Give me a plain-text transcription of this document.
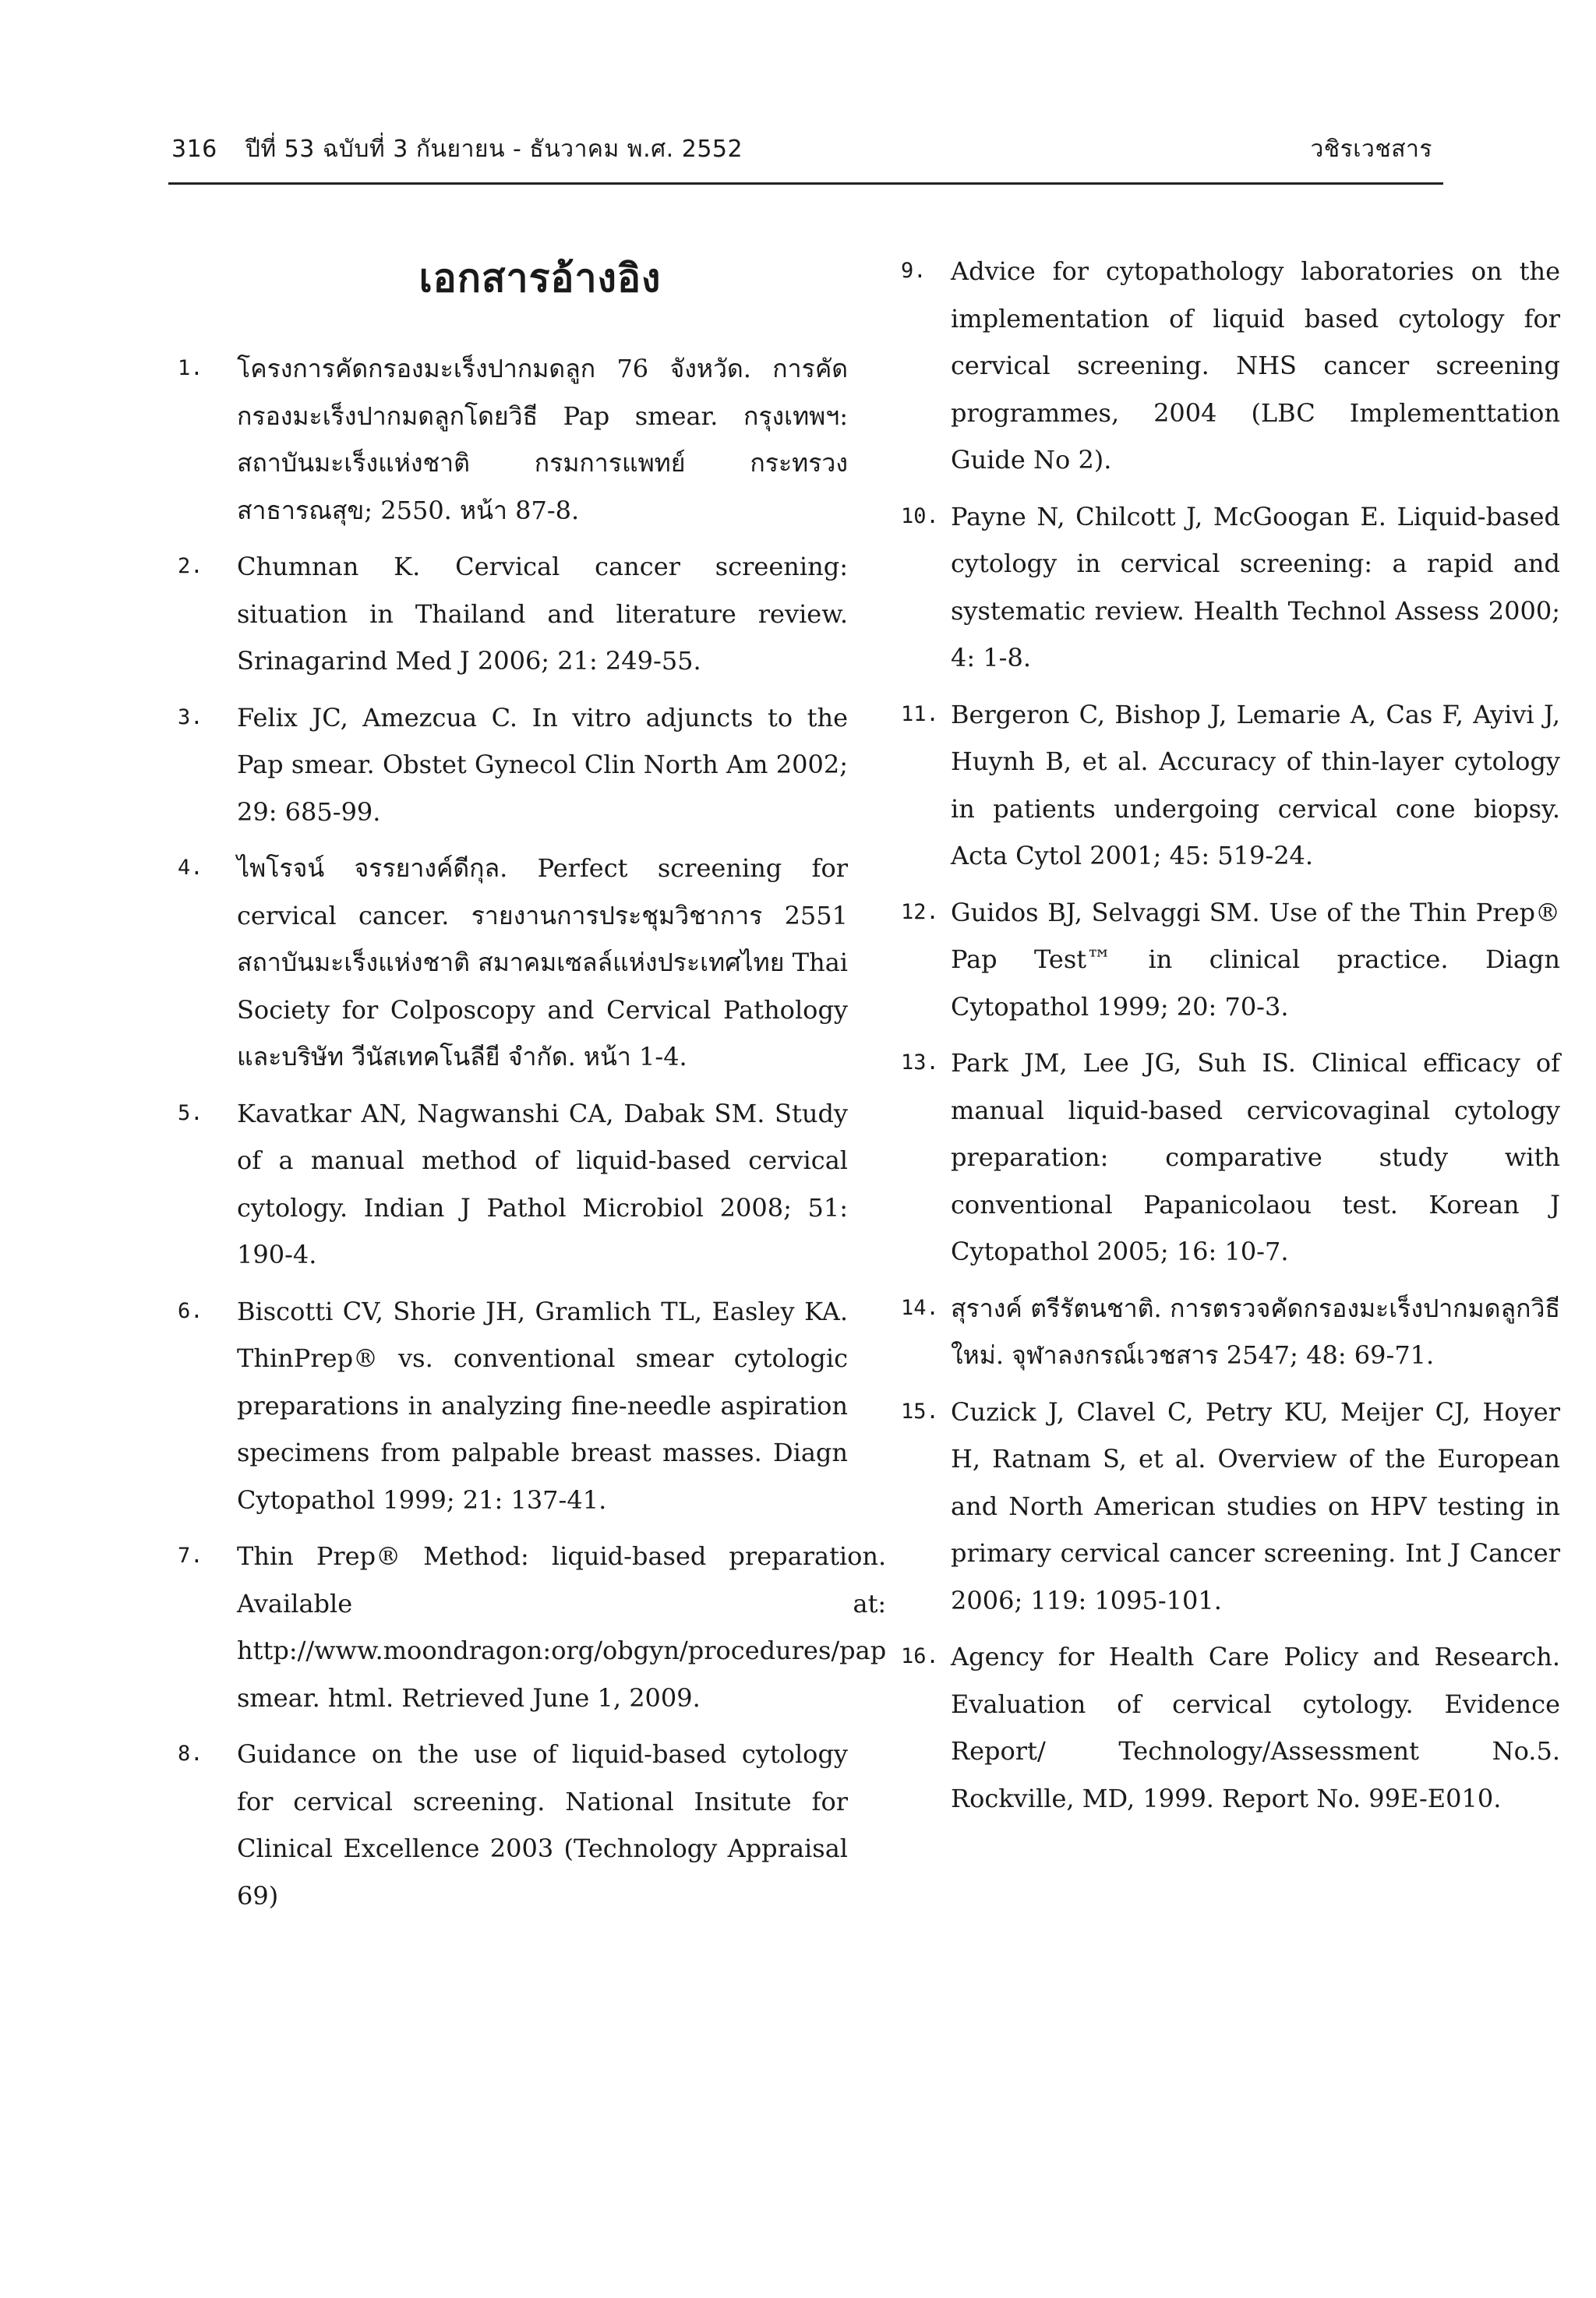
316 ปีที่ 53 ฉบับที่ 3 กันยายน - ธันวาคม พ.ศ. 2552	วชิรเวชสาร
เอกสารอ้างอิง
1.	โครงการคัดกรองมะเร็งปากมดลูก 76 จังหวัด. การคัดกรองมะเร็งปากมดลูกโดยวิธี Pap smear. กรุงเทพฯ: สถาบันมะเร็งแห่งชาติ กรมการแพทย์ กระทรวงสาธารณสุข; 2550. หน้า 87-8.
2.	Chumnan K. Cervical cancer screening: situation in Thailand and literature review. Srinagarind Med J 2006; 21: 249-55.
3.	Felix JC, Amezcua C. In vitro adjuncts to the Pap smear. Obstet Gynecol Clin North Am 2002; 29: 685-99.
4.	ไพโรจน์ จรรยางค์ดีกุล. Perfect screening for cervical cancer. รายงานการประชุมวิชาการ 2551 สถาบันมะเร็งแห่งชาติ สมาคมเซลล์แห่งประเทศไทย Thai Society for Colposcopy and Cervical Pathology และบริษัท วีนัสเทคโนลียี จำกัด. หน้า 1-4.
5.	Kavatkar AN, Nagwanshi CA, Dabak SM. Study of a manual method of liquid-based cervical cytology. Indian J Pathol Microbiol 2008; 51: 190-4.
6.	Biscotti CV, Shorie JH, Gramlich TL, Easley KA. ThinPrep® vs. conventional smear cytologic preparations in analyzing fine-needle aspiration specimens from palpable breast masses. Diagn Cytopathol 1999; 21: 137-41.
7.	Thin Prep® Method: liquid-based preparation. Available at: http://www.moondragon:org/obgyn/procedures/pap smear. html. Retrieved June 1, 2009.
8.	Guidance on the use of liquid-based cytology for cervical screening. National Insitute for Clinical Excellence 2003 (Technology Appraisal 69)
9. Advice for cytopathology laboratories on the implementation of liquid based cytology for cervical screening. NHS cancer screening programmes, 2004 (LBC Implementtation Guide No 2).
10. Payne N, Chilcott J, McGoogan E. Liquid-based cytology in cervical screening: a rapid and systematic review. Health Technol Assess 2000; 4: 1-8.
11. Bergeron C, Bishop J, Lemarie A, Cas F, Ayivi J, Huynh B, et al. Accuracy of thin-layer cytology in patients undergoing cervical cone biopsy. Acta Cytol 2001; 45: 519-24.
12. Guidos BJ, Selvaggi SM. Use of the Thin Prep® Pap Test™ in clinical practice. Diagn Cytopathol 1999; 20: 70-3.
13. Park JM, Lee JG, Suh IS. Clinical efficacy of manual liquid-based cervicovaginal cytology preparation: comparative study with conventional Papanicolaou test. Korean J Cytopathol 2005; 16: 10-7.
14. สุรางค์ ตรีรัตนชาติ. การตรวจคัดกรองมะเร็งปากมดลูกวิธีใหม่. จุฬาลงกรณ์เวชสาร 2547; 48: 69-71.
15. Cuzick J, Clavel C, Petry KU, Meijer CJ, Hoyer H, Ratnam S, et al. Overview of the European and North American studies on HPV testing in primary cervical cancer screening. Int J Cancer 2006; 119: 1095-101.
16. Agency for Health Care Policy and Research. Evaluation of cervical cytology. Evidence Report/ Technology/Assessment No.5. Rockville, MD, 1999. Report No. 99E-E010.
